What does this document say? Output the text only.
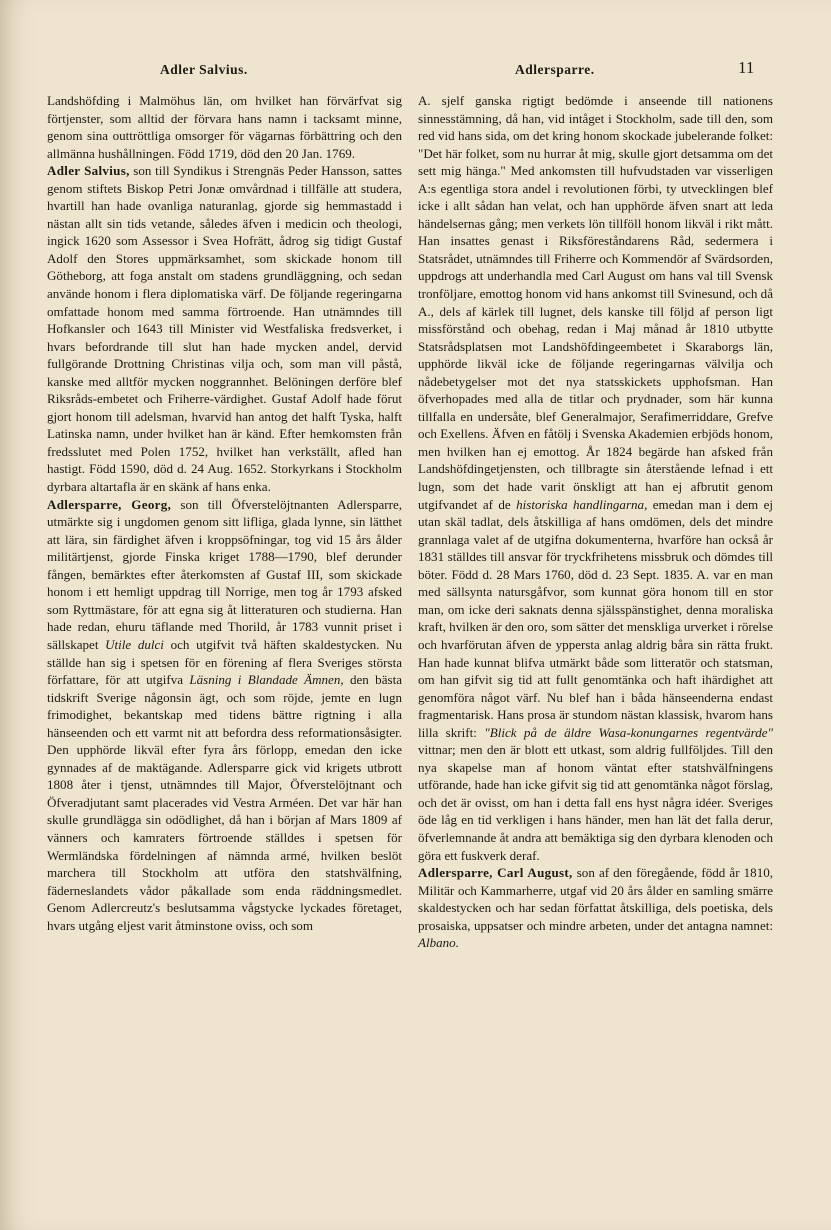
Adler Salvius.	Adlersparre.	11

Landshöfding i Malmöhus län, om hvilket han förvärfvat sig förtjenster, som alltid der förvara hans namn i tacksamt minne, genom sina outtröttliga omsorger för vägarnas förbättring och den allmänna hushållningen. Född 1719, död den 20 Jan. 1769.

Adler Salvius, son till Syndikus i Strengnäs Peder Hansson, sattes genom stiftets Biskop Petri Jonæ omvårdnad i tillfälle att studera, hvartill han hade ovanliga naturanlag, gjorde sig hemmastadd i nästan allt sin tids vetande, således äfven i medicin och theologi, ingick 1620 som Assessor i Svea Hofrätt, ådrog sig tidigt Gustaf Adolf den Stores uppmärksamhet, som skickade honom till Götheborg, att foga anstalt om stadens grundläggning, och sedan använde honom i flera diplomatiska värf. De följande regeringarna omfattade honom med samma förtroende. Han utnämndes till Hofkansler och 1643 till Minister vid Westfaliska fredsverket, i hvars befordrande till slut han hade mycken andel, dervid fullgörande Drottning Christinas vilja och, som man vill påstå, kanske med alltför mycken noggrannhet. Belöningen derföre blef Riksråds-embetet och Friherre-värdighet. Gustaf Adolf hade förut gjort honom till adelsman, hvarvid han antog det halft Tyska, halft Latinska namn, under hvilket han är känd. Efter hemkomsten från fredsslutet med Polen 1752, hvilket han verkställt, afled han hastigt. Född 1590, död d. 24 Aug. 1652. Storkyrkans i Stockholm dyrbara altartafla är en skänk af hans enka.

Adlersparre, Georg, son till Öfverstelöjtnanten Adlersparre, utmärkte sig i ungdomen genom sitt lifliga, glada lynne, sin lätthet att lära, sin färdighet äfven i kroppsöfningar, tog vid 15 års ålder militärtjenst, gjorde Finska kriget 1788—1790, blef derunder fången, bemärktes efter återkomsten af Gustaf III, som skickade honom i ett hemligt uppdrag till Norrige, men tog år 1793 afsked som Ryttmästare, för att egna sig åt litteraturen och studierna. Han hade redan, ehuru täflande med Thorild, år 1783 vunnit priset i sällskapet Utile dulci och utgifvit två häften skaldestycken. Nu ställde han sig i spetsen för en förening af flera Sveriges största författare, för att utgifva Läsning i Blandade Ämnen, den bästa tidskrift Sverige någonsin ägt, och som röjde, jemte en lugn frimodighet, bekantskap med tidens bättre rigtning i alla hänseenden och ett varmt nit att befordra dess reformationsåsigter. Den upphörde likväl efter fyra års förlopp, emedan den icke gynnades af de maktägande. Adlersparre gick vid krigets utbrott 1808 åter i tjenst, utnämndes till Major, Öfverstelöjtnant och Öfveradjutant samt placerades vid Vestra Arméen. Det var här han skulle grundlägga sin odödlighet, då han i början af Mars 1809 af vänners och kamraters förtroende ställdes i spetsen för Wermländska fördelningen af nämnda armé, hvilken beslöt marchera till Stockholm att utföra den statshvälfning, fäderneslandets vådor påkallade som enda räddningsmedlet. Genom Adlercreutz's beslutsamma vågstycke lyckades företaget, hvars utgång eljest varit åtminstone oviss, och som

A. sjelf ganska rigtigt bedömde i anseende till nationens sinnesstämning, då han, vid intåget i Stockholm, sade till den, som red vid hans sida, om det kring honom skockade jubelerande folket: "Det här folket, som nu hurrar åt mig, skulle gjort detsamma om det sett mig hänga." Med ankomsten till hufvudstaden var visserligen A:s egentliga stora andel i revolutionen förbi, ty utvecklingen blef icke i allt sådan han velat, och han upphörde äfven snart att leda händelsernas gång; men verkets lön tillföll honom likväl i rikt mått. Han insattes genast i Riksföreståndarens Råd, sedermera i Statsrådet, utnämndes till Friherre och Kommendör af Svärdsorden, uppdrogs att underhandla med Carl August om hans val till Svensk tronföljare, emottog honom vid hans ankomst till Svinesund, och då A., dels af kärlek till lugnet, dels kanske till följd af person ligt missförstånd och obehag, redan i Maj månad år 1810 utbytte Statsrådsplatsen mot Landshöfdingeembetet i Skaraborgs län, upphörde likväl icke de följande regeringarnas välvilja och nådebetygelser mot det nya statsskickets upphofsman. Han öfverhopades med alla de titlar och prydnader, som här kunna tillfalla en undersåte, blef Generalmajor, Serafimerriddare, Grefve och Exellens. Äfven en fåtölj i Svenska Akademien erbjöds honom, men hvilken han ej emottog. År 1824 begärde han afsked från Landshöfdingetjensten, och tillbragte sin återstående lefnad i ett lugn, som det hade varit önskligt att han ej afbrutit genom utgifvandet af de historiska handlingarna, emedan man i dem ej utan skäl tadlat, dels åtskilliga af hans omdömen, dels det mindre grannlaga valet af de utgifna dokumenterna, hvarföre han också år 1831 ställdes till ansvar för tryckfrihetens missbruk och dömdes till böter. Född d. 28 Mars 1760, död d. 23 Sept. 1835. A. var en man med sällsynta natursgåfvor, som kunnat göra honom till en stor man, om icke deri saknats denna själsspänstighet, denna moraliska kraft, hvilken är den oro, som sätter det menskliga urverket i rörelse och hvarförutan äfven de yppersta anlag aldrig båra sin rätta frukt. Han hade kunnat blifva utmärkt både som litteratör och statsman, om han gifvit sig tid att fullt genomtänka och haft ihärdighet att genomföra något värf. Nu blef han i båda hänseenderna endast fragmentarisk. Hans prosa är stundom nästan klassisk, hvarom hans lilla skrift: "Blick på de äldre Wasa-konungarnes regentvärde" vittnar; men den är blott ett utkast, som aldrig fullföljdes. Till den nya skapelse man af honom väntat efter statshvälfningens utförande, hade han icke gifvit sig tid att genomtänka något förslag, och det är ovisst, om han i detta fall ens hyst några idéer. Sveriges öde låg en tid verkligen i hans händer, men han lät det falla derur, öfverlemnande åt andra att bemäktiga sig den dyrbara klenoden och göra ett fuskverk deraf.

Adlersparre, Carl August, son af den föregående, född år 1810, Militär och Kammarherre, utgaf vid 20 års ålder en samling smärre skaldestycken och har sedan författat åtskilliga, dels poetiska, dels prosaiska, uppsatser och mindre arbeten, under det antagna namnet: Albano.
